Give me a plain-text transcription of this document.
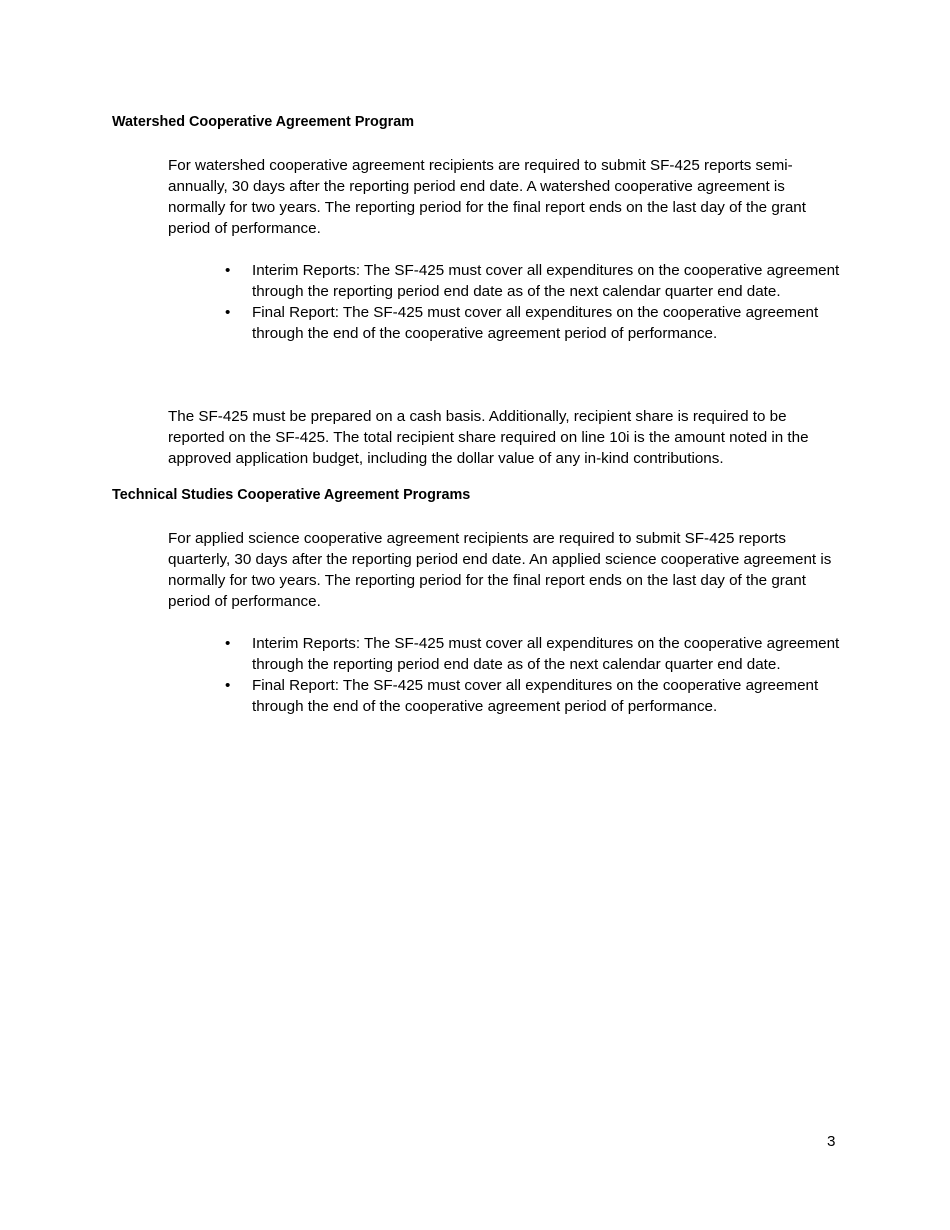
Watershed Cooperative Agreement Program

For watershed cooperative agreement recipients are required to submit SF-425 reports semi-annually, 30 days after the reporting period end date. A watershed cooperative agreement is normally for two years. The reporting period for the final report ends on the last day of the grant period of performance.

• Interim Reports: The SF-425 must cover all expenditures on the cooperative agreement through the reporting period end date as of the next calendar quarter end date.
• Final Report: The SF-425 must cover all expenditures on the cooperative agreement through the end of the cooperative agreement period of performance.

The SF-425 must be prepared on a cash basis. Additionally, recipient share is required to be reported on the SF-425. The total recipient share required on line 10i is the amount noted in the approved application budget, including the dollar value of any in-kind contributions.

Technical Studies Cooperative Agreement Programs

For applied science cooperative agreement recipients are required to submit SF-425 reports quarterly, 30 days after the reporting period end date. An applied science cooperative agreement is normally for two years. The reporting period for the final report ends on the last day of the grant period of performance.

• Interim Reports: The SF-425 must cover all expenditures on the cooperative agreement through the reporting period end date as of the next calendar quarter end date.
• Final Report: The SF-425 must cover all expenditures on the cooperative agreement through the end of the cooperative agreement period of performance.
3
